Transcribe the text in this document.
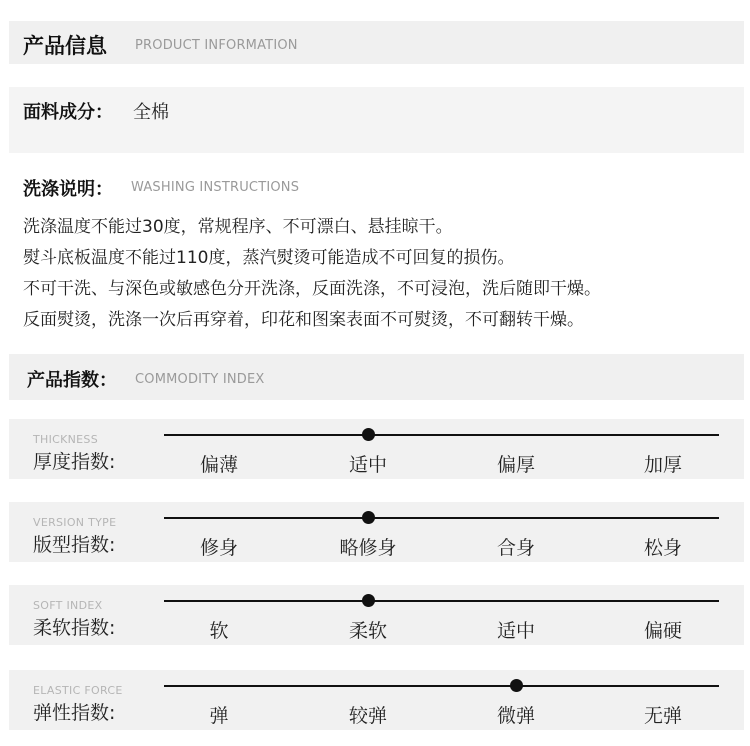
产品信息 PRODUCT INFORMATION
面料成分： 全棉
洗涤说明： WASHING INSTRUCTIONS
洗涤温度不能过30度，常规程序、不可漂白、悬挂晾干。
熨斗底板温度不能过110度，蒸汽熨烫可能造成不可回复的损伤。
不可干洗、与深色或敏感色分开洗涤，反面洗涤，不可浸泡，洗后随即干燥。
反面熨烫，洗涤一次后再穿着，印花和图案表面不可熨烫，不可翻转干燥。
产品指数： COMMODITY INDEX
THICKNESS
厚度指数:	偏薄	适中	偏厚	加厚
VERSION TYPE
版型指数:	修身	略修身	合身	松身
SOFT INDEX
柔软指数:	软	柔软	适中	偏硬
ELASTIC FORCE
弹性指数:	弹	较弹	微弹	无弹
